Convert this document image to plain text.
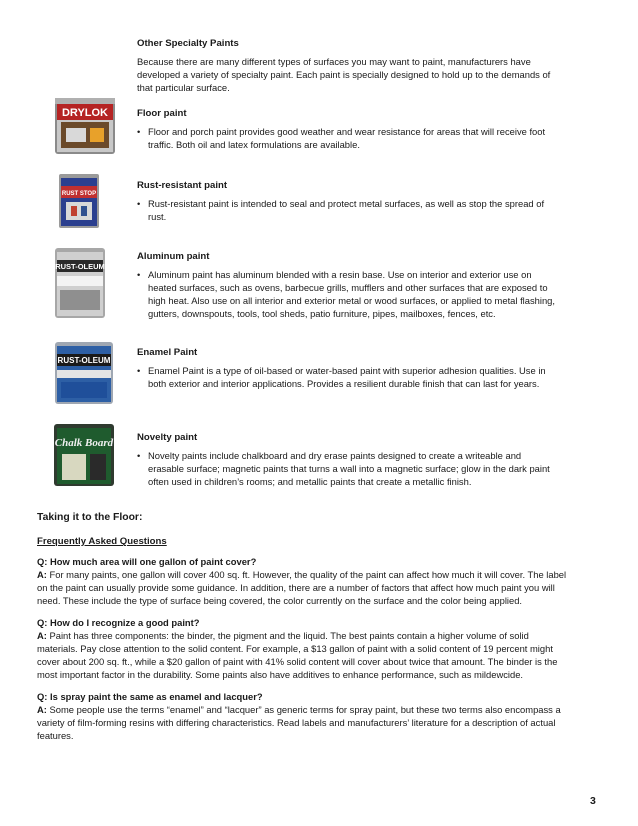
Other Specialty Paints

Because there are many different types of surfaces you may want to paint, manufacturers have developed a variety of specialty paint. Each paint is specially designed to hold up to the demands of that particular surface.

DRYLOK
RUST STOP
RUST-OLEUM
RUST-OLEUM
Chalk Board

Floor paint

• Floor and porch paint provides good weather and wear resistance for areas that will receive foot traffic. Both oil and latex formulations are available.

Rust-resistant paint

• Rust-resistant paint is intended to seal and protect metal surfaces, as well as stop the spread of rust.

Aluminum paint

• Aluminum paint has aluminum blended with a resin base. Use on interior and exterior use on heated surfaces, such as ovens, barbecue grills, mufflers and other surfaces that are exposed to high heat. Also use on all interior and exterior metal or wood surfaces, or applied to metal flashing, gutters, downspouts, tools, tool sheds, patio furniture, pipes, mailboxes, fences, etc.

Enamel Paint

• Enamel Paint is a type of oil-based or water-based paint with superior adhesion qualities. Use in both exterior and interior applications. Provides a resilient durable finish that can last for years.

Novelty paint

• Novelty paints include chalkboard and dry erase paints designed to create a writeable and erasable surface; magnetic paints that turns a wall into a magnetic surface; glow in the dark paint often used in children’s rooms; and metallic paints that create a metallic finish.

Taking it to the Floor:

Frequently Asked Questions

Q: How much area will one gallon of paint cover?

A: For many paints, one gallon will cover 400 sq. ft. However, the quality of the paint can affect how much it will cover. The label on the paint can usually provide some guidance. In addition, there are a number of factors that affect how much paint you will need. These include the type of surface being covered, the color currently on the surface and the color being applied.

Q: How do I recognize a good paint?

A: Paint has three components: the binder, the pigment and the liquid. The best paints contain a higher volume of solid materials. Pay close attention to the solid content. For example, a $13 gallon of paint with a solid content of 19 percent might cover about 200 sq. ft., while a $20 gallon of paint with 41% solid content will cover about twice that amount. The binder is the most important factor in the durability. Some paints also have additives to enhance performance, such as mildewcide.

Q: Is spray paint the same as enamel and lacquer?

A: Some people use the terms “enamel” and “lacquer” as generic terms for spray paint, but these two terms also encompass a variety of film-forming resins with differing characteristics. Read labels and manufacturers’ literature for a description of actual features.

3
